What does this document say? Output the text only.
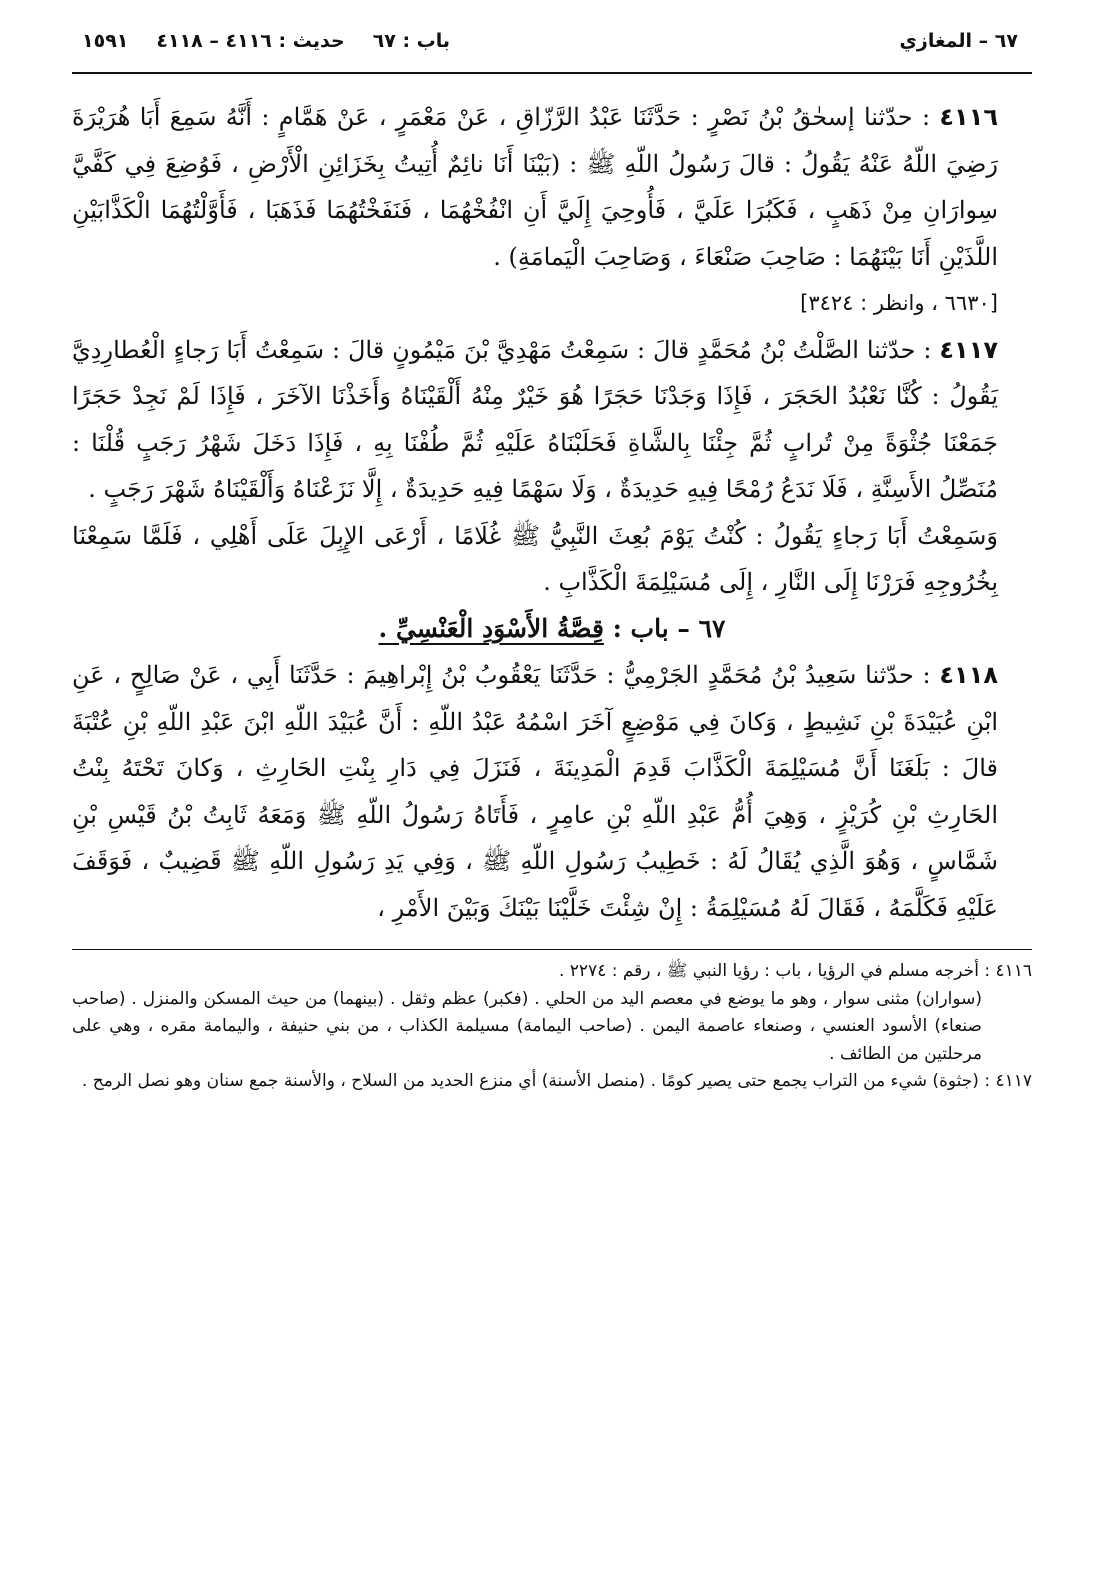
٦٧ – المغازي
باب : ٦٧
حديث : ٤١١٦ – ٤١١٨
١٥٩١

٤١١٦ : حدّثنا إسحٰقُ بْنُ نَصْرٍ : حَدَّثَنَا عَبْدُ الرَّزّاقِ ، عَنْ مَعْمَرٍ ، عَنْ هَمَّامٍ : أَنَّهُ سَمِعَ أَبَا هُرَيْرَةَ رَضِيَ اللّهُ عَنْهُ يَقُولُ : قالَ رَسُولُ اللّهِ ﷺ : (بَيْنَا أَنَا نائِمٌ أُتِيتُ بِخَزَائِنِ الْأَرْضِ ، فَوُضِعَ فِي كَفَّيَّ سِوارَانِ مِنْ ذَهَبٍ ، فَكَبُرَا عَلَيَّ ، فَأُوحِيَ إِلَيَّ أَنِ انْفُخْهُمَا ، فَنَفَخْتُهُمَا فَذَهَبَا ، فَأَوَّلْتُهُمَا الْكَذَّابَيْنِ اللَّذَيْنِ أَنَا بَيْنَهُمَا : صَاحِبَ صَنْعَاءَ ، وَصَاحِبَ الْيَمامَةِ) .

[٦٦٣٠ ، وانظر : ٣٤٢٤]

٤١١٧ : حدّثنا الصَّلْتُ بْنُ مُحَمَّدٍ قالَ : سَمِعْتُ مَهْدِيَّ بْنَ مَيْمُونٍ قالَ : سَمِعْتُ أَبَا رَجاءٍ الْعُطارِدِيَّ يَقُولُ : كُنَّا نَعْبُدُ الحَجَرَ ، فَإِذَا وَجَدْنَا حَجَرًا هُوَ خَيْرٌ مِنْهُ أَلْقَيْنَاهُ وَأَخَذْنَا الآخَرَ ، فَإِذَا لَمْ نَجِدْ حَجَرًا جَمَعْنَا جُثْوَةً مِنْ تُرابٍ ثُمَّ جِئْنَا بِالشَّاةِ فَحَلَبْنَاهُ عَلَيْهِ ثُمَّ طُفْنَا بِهِ ، فَإِذَا دَخَلَ شَهْرُ رَجَبٍ قُلْنَا : مُنَصِّلُ الأَسِنَّةِ ، فَلَا نَدَعُ رُمْحًا فِيهِ حَدِيدَةٌ ، وَلَا سَهْمًا فِيهِ حَدِيدَةٌ ، إِلَّا نَزَعْنَاهُ وَأَلْقَيْنَاهُ شَهْرَ رَجَبٍ .

وَسَمِعْتُ أَبَا رَجاءٍ يَقُولُ : كُنْتُ يَوْمَ بُعِثَ النَّبِيُّ ﷺ غُلَامًا ، أَرْعَى الإِبِلَ عَلَى أَهْلِي ، فَلَمَّا سَمِعْنَا بِخُرُوجِهِ فَرَرْنَا إِلَى النَّارِ ، إِلَى مُسَيْلِمَةَ الْكَذَّابِ .

٦٧ – باب : قِصَّةُ الأَسْوَدِ الْعَنْسِيِّ .

٤١١٨ : حدّثنا سَعِيدُ بْنُ مُحَمَّدٍ الجَرْمِيُّ : حَدَّثَنَا يَعْقُوبُ بْنُ إِبْراهِيمَ : حَدَّثَنَا أَبِي ، عَنْ صَالِحٍ ، عَنِ ابْنِ عُبَيْدَةَ بْنِ نَشِيطٍ ، وَكانَ فِي مَوْضِعٍ آخَرَ اسْمُهُ عَبْدُ اللّهِ : أَنَّ عُبَيْدَ اللّهِ ابْنَ عَبْدِ اللّهِ بْنِ عُتْبَةَ قالَ : بَلَغَنَا أَنَّ مُسَيْلِمَةَ الْكَذَّابَ قَدِمَ الْمَدِينَةَ ، فَنَزَلَ فِي دَارِ بِنْتِ الحَارِثِ ، وَكانَ تَحْتَهُ بِنْتُ الحَارِثِ بْنِ كُرَيْزٍ ، وَهِيَ أُمُّ عَبْدِ اللّهِ بْنِ عامِرٍ ، فَأَتَاهُ رَسُولُ اللّهِ ﷺ وَمَعَهُ ثَابِتُ بْنُ قَيْسِ بْنِ شَمَّاسٍ ، وَهُوَ الَّذِي يُقَالُ لَهُ : خَطِيبُ رَسُولِ اللّهِ ﷺ ، وَفِي يَدِ رَسُولِ اللّهِ ﷺ قَضِيبٌ ، فَوَقَفَ عَلَيْهِ فَكَلَّمَهُ ، فَقَالَ لَهُ مُسَيْلِمَةُ : إِنْ شِئْتَ خَلَّيْنَا بَيْنَكَ وَبَيْنَ الأَمْرِ ،

٤١١٦ : أخرجه مسلم في الرؤيا ، باب : رؤيا النبي ﷺ ، رقم : ٢٢٧٤ .

(سواران) مثنى سوار ، وهو ما يوضع في معصم اليد من الحلي . (فكبر) عظم وثقل . (بينهما) من حيث المسكن والمنزل . (صاحب صنعاء) الأسود العنسي ، وصنعاء عاصمة اليمن . (صاحب اليمامة) مسيلمة الكذاب ، من بني حنيفة ، واليمامة مقره ، وهي على مرحلتين من الطائف .

٤١١٧ : (جثوة) شيء من التراب يجمع حتى يصير كومًا . (منصل الأسنة) أي منزع الحديد من السلاح ، والأسنة جمع سنان وهو نصل الرمح .
